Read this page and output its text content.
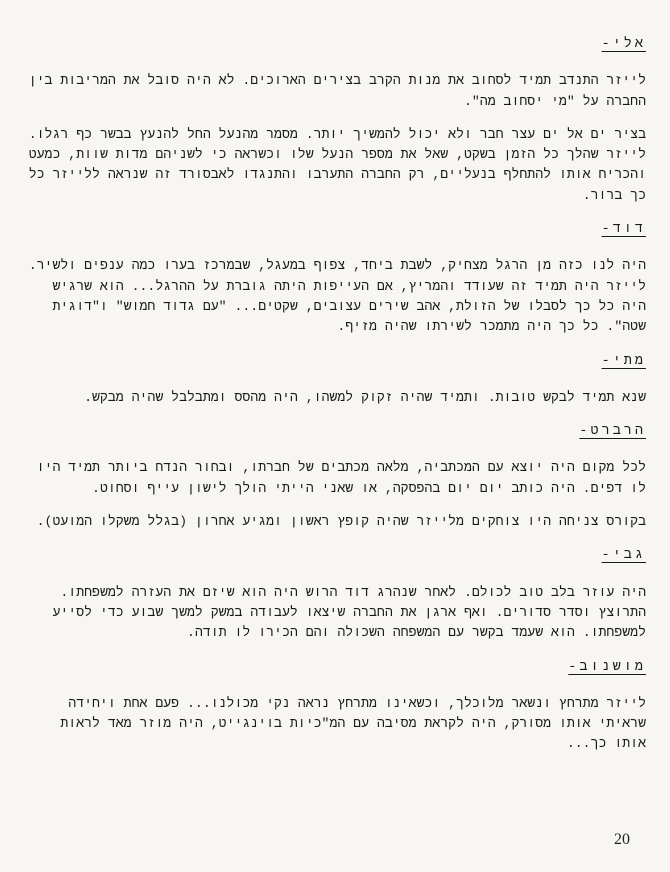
אלי-

לייזר התנדב תמיד לסחוב את מנות הקרב בצירים הארוכים. לא היה סובל את המריבות בין החברה על "מי יסחוב מה".

בציר ים אל ים עצר חבר ולא יכול להמשיך יותר. מסמר מהנעל החל להנעץ בבשר כף רגלו. לייזר שהלך כל הזמן בשקט, שאל את מספר הנעל שלו וכשראה כי לשניהם מדות שוות, כמעט והכריח אותו להתחלף בנעליים, רק החברה התערבו והתנגדו לאבסורד זה שנראה ללייזר כל כך ברור.

דוד-

היה לנו כזה מן הרגל מצחיק, לשבת ביחד, צפוף במעגל, שבמרכז בערו כמה ענפים ולשיר. לייזר היה תמיד זה שעודד והמריץ, אם העייפות היתה גוברת על ההרגל... הוא שרגיש היה כל כך לסבלו של הזולת, אהב שירים עצובים, שקטים... "עם גדוד חמוש" ו"דוגית שטה". כל כך היה מתמכר לשירתו שהיה מזיף.

מתי-

שנא תמיד לבקש טובות. ותמיד שהיה זקוק למשהו, היה מהסס ומתבלבל שהיה מבקש.

הרברט-

לכל מקום היה יוצא עם המכתביה, מלאה מכתבים של חברתו, ובחור הנדח ביותר תמיד היו לו דפים. היה כותב יום יום בהפסקה, או שאני הייתי הולך לישון עייף וסחוט.

בקורס צניחה היו צוחקים מלייזר שהיה קופץ ראשון ומגיע אחרון (בגלל משקלו המועט).

גבי-

היה עוזר בלב טוב לכולם. לאחר שנהרג דוד הרוש היה הוא שיזם את העזרה למשפחתו. התרוצץ וסדר סדורים. ואף ארגן את החברה שיצאו לעבודה במשק למשך שבוע כדי לסייע למשפחתו. הוא שעמד בקשר עם המשפחה השכולה והם הכירו לו תודה.

מושנוב-

לייזר מתרחץ ונשאר מלוכלך, וכשאינו מתרחץ נראה נקי מכולנו... פעם אחת ויחידה שראיתי אותו מסורק, היה לקראת מסיבה עם המ"כיות בוינגייט, היה מוזר מאד לראות אותו כך...

20
